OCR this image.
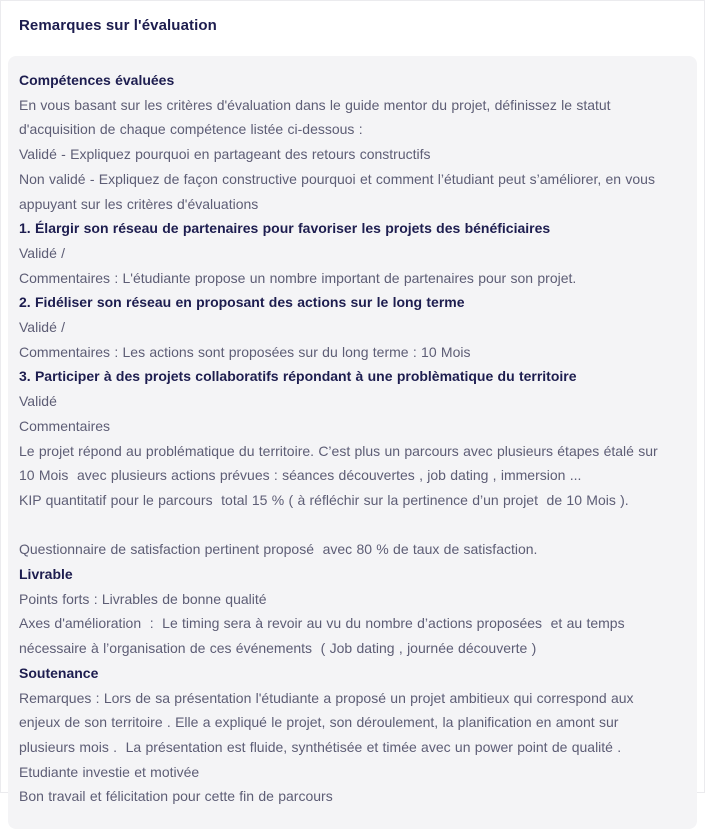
Remarques sur l'évaluation

Compétences évaluées

En vous basant sur les critères d'évaluation dans le guide mentor du projet, définissez le statut d'acquisition de chaque compétence listée ci-dessous :

Validé - Expliquez pourquoi en partageant des retours constructifs

Non validé - Expliquez de façon constructive pourquoi et comment l’étudiant peut s’améliorer, en vous appuyant sur les critères d'évaluations

1. Élargir son réseau de partenaires pour favoriser les projets des bénéficiaires

Validé /

Commentaires : L'étudiante propose un nombre important de partenaires pour son projet.

2. Fidéliser son réseau en proposant des actions sur le long terme

Validé /

Commentaires : Les actions sont proposées sur du long terme : 10 Mois

3. Participer à des projets collaboratifs répondant à une problèmatique du territoire

Validé

Commentaires

Le projet répond au problématique du territoire. C’est plus un parcours avec plusieurs étapes étalé sur 10 Mois  avec plusieurs actions prévues : séances découvertes , job dating , immersion ...

KIP quantitatif pour le parcours  total 15 % ( à réfléchir sur la pertinence d’un projet  de 10 Mois ).

Questionnaire de satisfaction pertinent proposé  avec 80 % de taux de satisfaction.

Livrable

Points forts : Livrables de bonne qualité

Axes d'amélioration  :  Le timing sera à revoir au vu du nombre d’actions proposées  et au temps nécessaire à l’organisation de ces événements  ( Job dating , journée découverte )

Soutenance

Remarques : Lors de sa présentation l'étudiante a proposé un projet ambitieux qui correspond aux enjeux de son territoire . Elle a expliqué le projet, son déroulement, la planification en amont sur plusieurs mois .  La présentation est fluide, synthétisée et timée avec un power point de qualité .

Etudiante investie et motivée

Bon travail et félicitation pour cette fin de parcours
